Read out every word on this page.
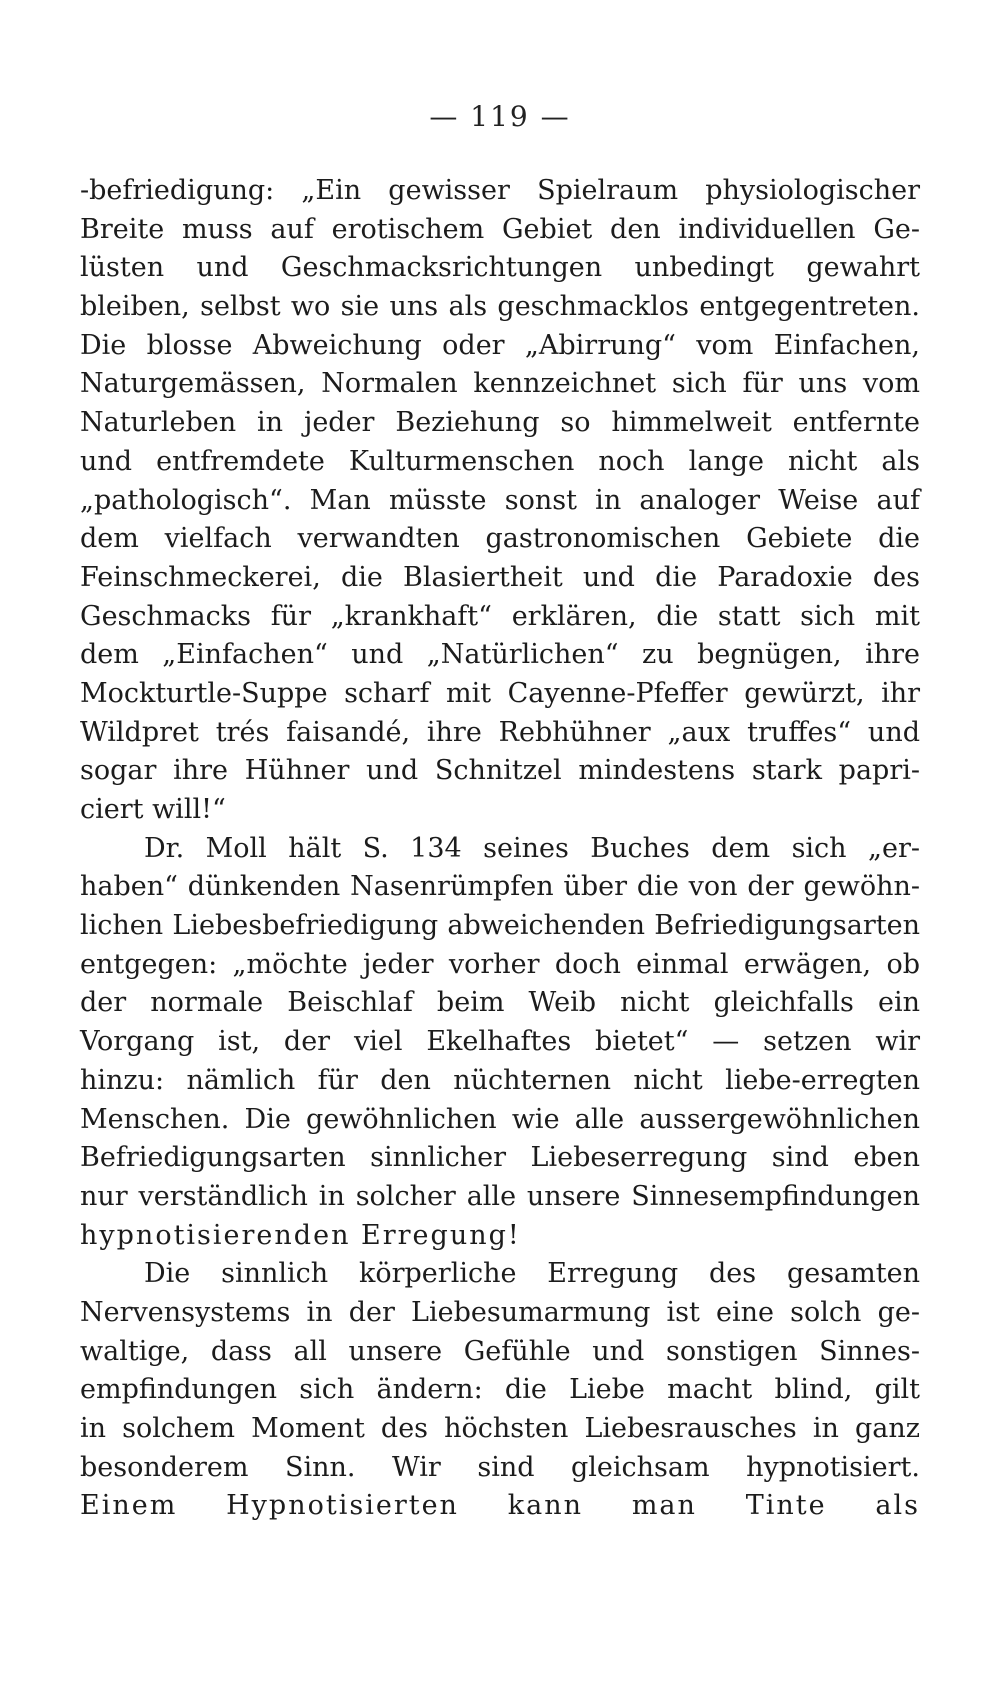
— 119 —
-befriedigung: „Ein gewisser Spielraum physiologischer
Breite muss auf erotischem Gebiet den individuellen Ge-
lüsten und Geschmacksrichtungen unbedingt gewahrt
bleiben, selbst wo sie uns als geschmacklos entgegentreten.
Die blosse Abweichung oder „Abirrung“ vom Einfachen,
Naturgemässen, Normalen kennzeichnet sich für uns vom
Naturleben in jeder Beziehung so himmelweit entfernte
und entfremdete Kulturmenschen noch lange nicht als
„pathologisch“. Man müsste sonst in analoger Weise auf
dem vielfach verwandten gastronomischen Gebiete die
Feinschmeckerei, die Blasiertheit und die Paradoxie des
Geschmacks für „krankhaft“ erklären, die statt sich mit
dem „Einfachen“ und „Natürlichen“ zu begnügen, ihre
Mockturtle-Suppe scharf mit Cayenne-Pfeffer gewürzt, ihr
Wildpret trés faisandé, ihre Rebhühner „aux truffes“ und
sogar ihre Hühner und Schnitzel mindestens stark papri-
ciert will!“
Dr. Moll hält S. 134 seines Buches dem sich „er-
haben“ dünkenden Nasenrümpfen über die von der gewöhn-
lichen Liebesbefriedigung abweichenden Befriedigungsarten
entgegen: „möchte jeder vorher doch einmal erwägen, ob
der normale Beischlaf beim Weib nicht gleichfalls ein
Vorgang ist, der viel Ekelhaftes bietet“ — setzen wir
hinzu: nämlich für den nüchternen nicht liebe-erregten
Menschen. Die gewöhnlichen wie alle aussergewöhnlichen
Befriedigungsarten sinnlicher Liebeserregung sind eben
nur verständlich in solcher alle unsere Sinnesempfindungen
hypnotisierenden Erregung!
Die sinnlich körperliche Erregung des gesamten
Nervensystems in der Liebesumarmung ist eine solch ge-
waltige, dass all unsere Gefühle und sonstigen Sinnes-
empfindungen sich ändern: die Liebe macht blind, gilt
in solchem Moment des höchsten Liebesrausches in ganz
besonderem Sinn. Wir sind gleichsam hypnotisiert.
Einem Hypnotisierten kann man Tinte als
